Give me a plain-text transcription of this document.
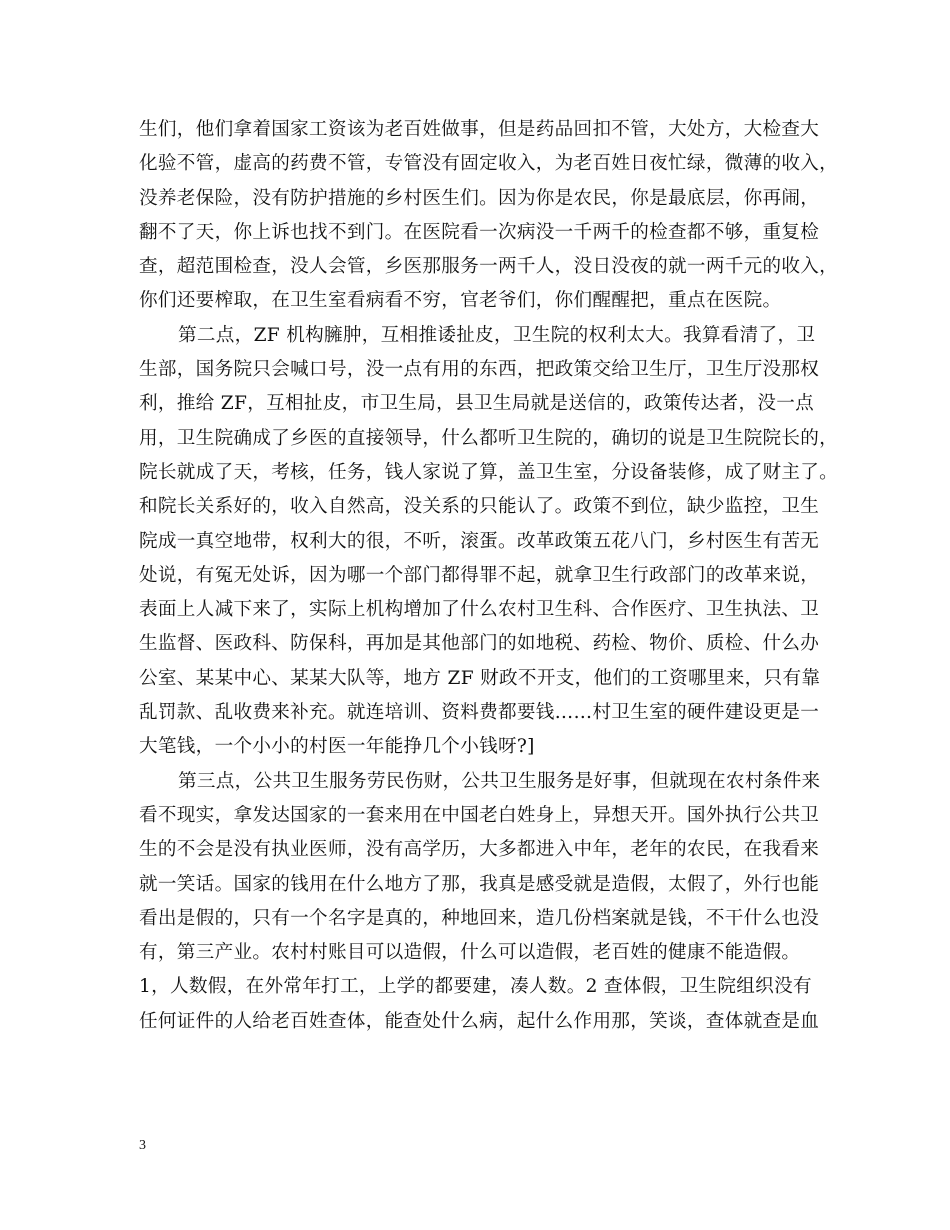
生们，他们拿着国家工资该为老百姓做事，但是药品回扣不管，大处方，大检查大
化验不管，虚高的药费不管，专管没有固定收入，为老百姓日夜忙绿，微薄的收入，
没养老保险，没有防护措施的乡村医生们。因为你是农民，你是最底层，你再闹，
翻不了天，你上诉也找不到门。在医院看一次病没一千两千的检查都不够，重复检
查，超范围检查，没人会管，乡医那服务一两千人，没日没夜的就一两千元的收入，
你们还要榨取，在卫生室看病看不穷，官老爷们，你们醒醒把，重点在医院。
第二点，ZF 机构臃肿，互相推诿扯皮，卫生院的权利太大。我算看清了，卫
生部，国务院只会喊口号，没一点有用的东西，把政策交给卫生厅，卫生厅没那权
利，推给 ZF，互相扯皮，市卫生局，县卫生局就是送信的，政策传达者，没一点
用，卫生院确成了乡医的直接领导，什么都听卫生院的，确切的说是卫生院院长的，
院长就成了天，考核，任务，钱人家说了算，盖卫生室，分设备装修，成了财主了。
和院长关系好的，收入自然高，没关系的只能认了。政策不到位，缺少监控，卫生
院成一真空地带，权利大的很，不听，滚蛋。改革政策五花八门，乡村医生有苦无
处说，有冤无处诉，因为哪一个部门都得罪不起，就拿卫生行政部门的改革来说，
表面上人减下来了，实际上机构增加了什么农村卫生科、合作医疗、卫生执法、卫
生监督、医政科、防保科，再加是其他部门的如地税、药检、物价、质检、什么办
公室、某某中心、某某大队等，地方 ZF 财政不开支，他们的工资哪里来，只有靠
乱罚款、乱收费来补充。就连培训、资料费都要钱……村卫生室的硬件建设更是一
大笔钱，一个小小的村医一年能挣几个小钱呀?]
第三点，公共卫生服务劳民伤财，公共卫生服务是好事，但就现在农村条件来
看不现实，拿发达国家的一套来用在中国老白姓身上，异想天开。国外执行公共卫
生的不会是没有执业医师，没有高学历，大多都进入中年，老年的农民，在我看来
就一笑话。国家的钱用在什么地方了那，我真是感受就是造假，太假了，外行也能
看出是假的，只有一个名字是真的，种地回来，造几份档案就是钱，不干什么也没
有，第三产业。农村村账目可以造假，什么可以造假，老百姓的健康不能造假。
1，人数假，在外常年打工，上学的都要建，凑人数。2 查体假，卫生院组织没有
任何证件的人给老百姓查体，能查处什么病，起什么作用那，笑谈，查体就查是血
3
